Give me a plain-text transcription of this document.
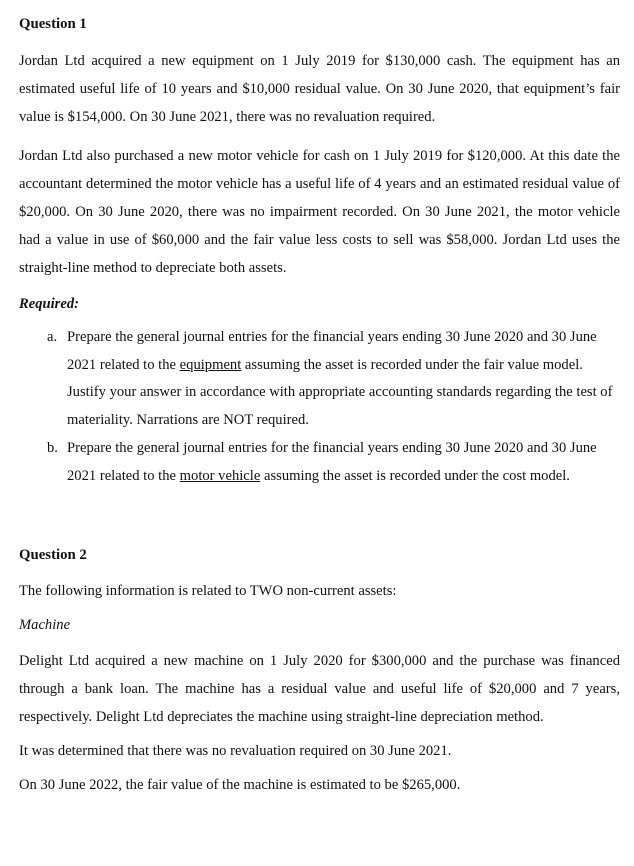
Question 1

Jordan Ltd acquired a new equipment on 1 July 2019 for $130,000 cash. The equipment has an estimated useful life of 10 years and $10,000 residual value. On 30 June 2020, that equipment’s fair value is $154,000. On 30 June 2021, there was no revaluation required.

Jordan Ltd also purchased a new motor vehicle for cash on 1 July 2019 for $120,000. At this date the accountant determined the motor vehicle has a useful life of 4 years and an estimated residual value of $20,000. On 30 June 2020, there was no impairment recorded. On 30 June 2021, the motor vehicle had a value in use of $60,000 and the fair value less costs to sell was $58,000. Jordan Ltd uses the straight-line method to depreciate both assets.

Required:

a. Prepare the general journal entries for the financial years ending 30 June 2020 and 30 June 2021 related to the equipment assuming the asset is recorded under the fair value model. Justify your answer in accordance with appropriate accounting standards regarding the test of materiality. Narrations are NOT required.
b. Prepare the general journal entries for the financial years ending 30 June 2020 and 30 June 2021 related to the motor vehicle assuming the asset is recorded under the cost model.

Question 2

The following information is related to TWO non-current assets:

Machine

Delight Ltd acquired a new machine on 1 July 2020 for $300,000 and the purchase was financed through a bank loan. The machine has a residual value and useful life of $20,000 and 7 years, respectively. Delight Ltd depreciates the machine using straight-line depreciation method.

It was determined that there was no revaluation required on 30 June 2021.

On 30 June 2022, the fair value of the machine is estimated to be $265,000.
